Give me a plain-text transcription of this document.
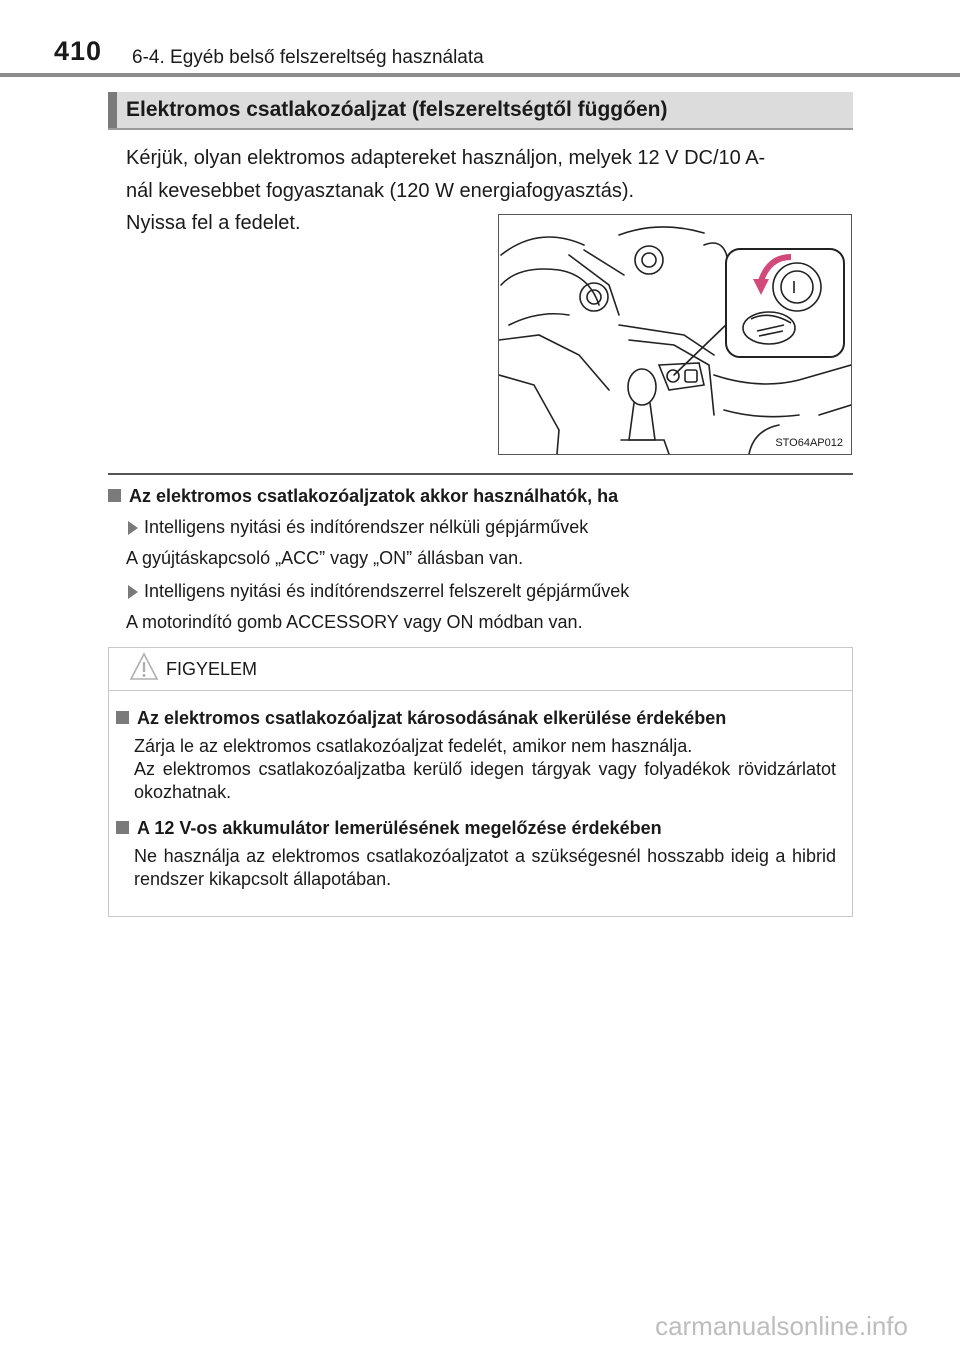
410 6-4. Egyéb belső felszereltség használata
Elektromos csatlakozóaljzat (felszereltségtől függően)
Kérjük, olyan elektromos adaptereket használjon, melyek 12 V DC/10 A-
nál kevesebbet fogyasztanak (120 W energiafogyasztás).
Nyissa fel a fedelet.
STO64AP012
Az elektromos csatlakozóaljzatok akkor használhatók, ha
Intelligens nyitási és indítórendszer nélküli gépjárművek
A gyújtáskapcsoló „ACC” vagy „ON” állásban van.
Intelligens nyitási és indítórendszerrel felszerelt gépjárművek
A motorindító gomb ACCESSORY vagy ON módban van.
FIGYELEM
Az elektromos csatlakozóaljzat károsodásának elkerülése érdekében
Zárja le az elektromos csatlakozóaljzat fedelét, amikor nem használja.
Az elektromos csatlakozóaljzatba kerülő idegen tárgyak vagy folyadékok rövidzárlatot okozhatnak.
A 12 V-os akkumulátor lemerülésének megelőzése érdekében
Ne használja az elektromos csatlakozóaljzatot a szükségesnél hosszabb ideig a hibrid rendszer kikapcsolt állapotában.
carmanualsonline.info
